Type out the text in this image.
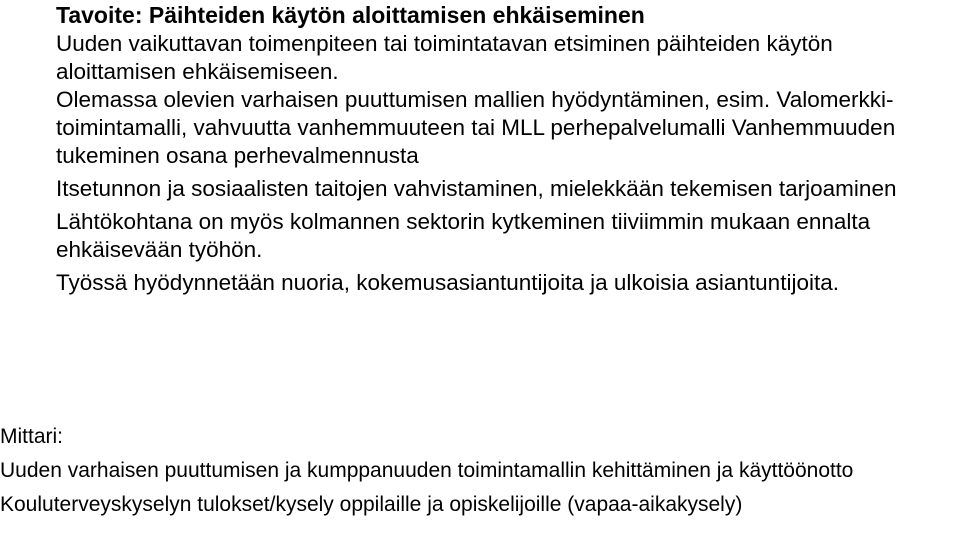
Tavoite: Päihteiden käytön aloittamisen ehkäiseminen

Uuden vaikuttavan toimenpiteen tai toimintatavan etsiminen päihteiden käytön aloittamisen ehkäisemiseen.

Olemassa olevien varhaisen puuttumisen mallien hyödyntäminen, esim. Valomerkki-toimintamalli, vahvuutta vanhemmuuteen tai MLL perhepalvelumalli Vanhemmuuden tukeminen osana perhevalmennusta

Itsetunnon ja sosiaalisten taitojen vahvistaminen, mielekkään tekemisen tarjoaminen

Lähtökohtana on myös kolmannen sektorin kytkeminen tiiviimmin mukaan ennalta ehkäisevään työhön.

Työssä hyödynnetään nuoria, kokemusasiantuntijoita ja ulkoisia asiantuntijoita.

Mittari:

Uuden varhaisen puuttumisen ja kumppanuuden toimintamallin kehittäminen ja käyttöönotto

Kouluterveyskyselyn tulokset/kysely oppilaille ja opiskelijoille (vapaa-aikakysely)
